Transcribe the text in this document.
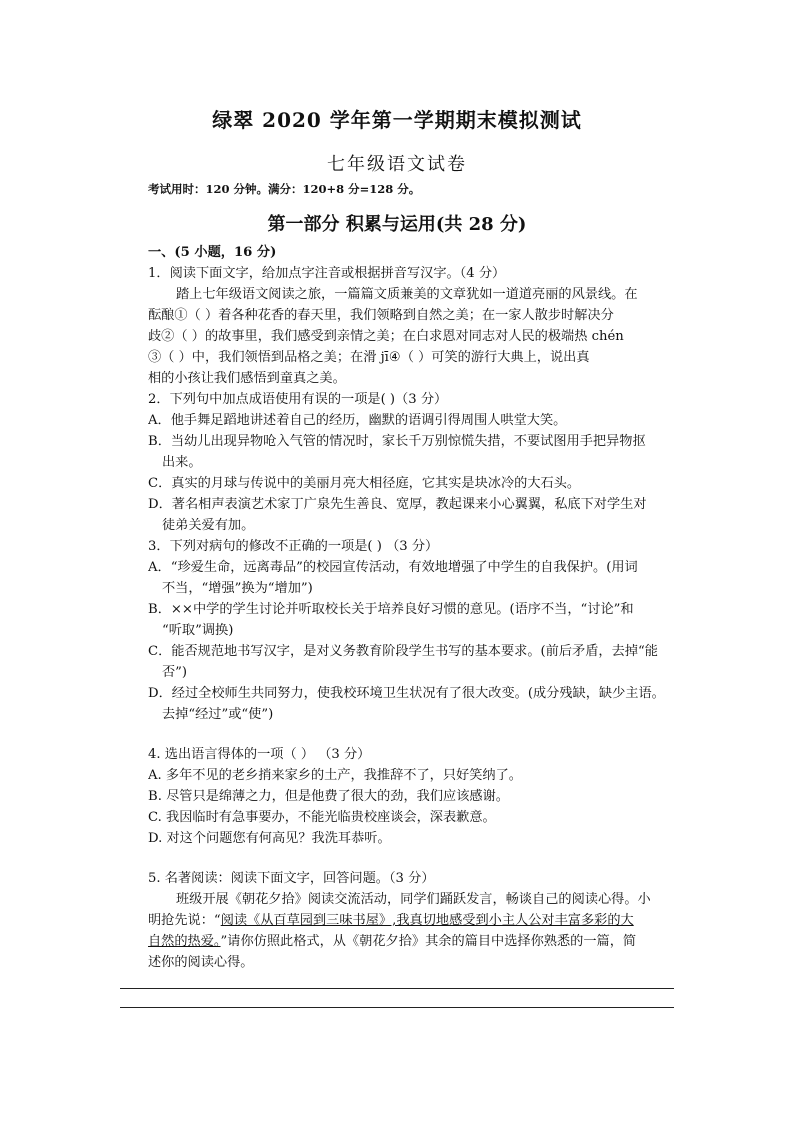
绿翠 2020 学年第一学期期末模拟测试
七年级语文试卷
考试用时：120 分钟。满分：120+8 分=128 分。
第一部分 积累与运用(共 28 分)
一、(5 小题，16 分)
1．阅读下面文字，给加点字注音或根据拼音写汉字。（4 分）
踏上七年级语文阅读之旅，一篇篇文质兼美的文章犹如一道道亮丽的风景线。在
酝酿①（ ）着各种花香的春天里，我们领略到自然之美；在一家人散步时解决分
歧②（ ）的故事里，我们感受到亲情之美；在白求恩对同志对人民的极端热 chén
③（ ）中，我们领悟到品格之美；在滑 jī④（ ）可笑的游行大典上，说出真
相的小孩让我们感悟到童真之美。
2．下列句中加点成语使用有误的一项是( )（3 分）
A．他手舞足蹈地讲述着自己的经历，幽默的语调引得周围人哄堂大笑。
B．当幼儿出现异物呛入气管的情况时，家长千万别惊慌失措，不要试图用手把异物抠
出来。
C．真实的月球与传说中的美丽月亮大相径庭，它其实是块冰冷的大石头。
D．著名相声表演艺术家丁广泉先生善良、宽厚，教起课来小心翼翼，私底下对学生对
徒弟关爱有加。
3．下列对病句的修改不正确的一项是( ) （3 分）
A．“珍爱生命，远离毒品”的校园宣传活动，有效地增强了中学生的自我保护。(用词
不当，“增强”换为“增加”)
B．××中学的学生讨论并听取校长关于培养良好习惯的意见。(语序不当，“讨论”和
“听取”调换)
C．能否规范地书写汉字，是对义务教育阶段学生书写的基本要求。(前后矛盾，去掉“能
否”)
D．经过全校师生共同努力，使我校环境卫生状况有了很大改变。(成分残缺，缺少主语。
去掉“经过”或“使”)
4. 选出语言得体的一项（ ） （3 分）
A. 多年不见的老乡捎来家乡的土产，我推辞不了，只好笑纳了。
B. 尽管只是绵薄之力，但是他费了很大的劲，我们应该感谢。
C. 我因临时有急事要办，不能光临贵校座谈会，深表歉意。
D. 对这个问题您有何高见？我洗耳恭听。
5. 名著阅读：阅读下面文字，回答问题。（3 分）
班级开展《朝花夕拾》阅读交流活动，同学们踊跃发言，畅谈自己的阅读心得。小
明抢先说：“阅读《从百草园到三味书屋》,我真切地感受到小主人公对丰富多彩的大
自然的热爱。”请你仿照此格式，从《朝花夕拾》其余的篇目中选择你熟悉的一篇，简
述你的阅读心得。
